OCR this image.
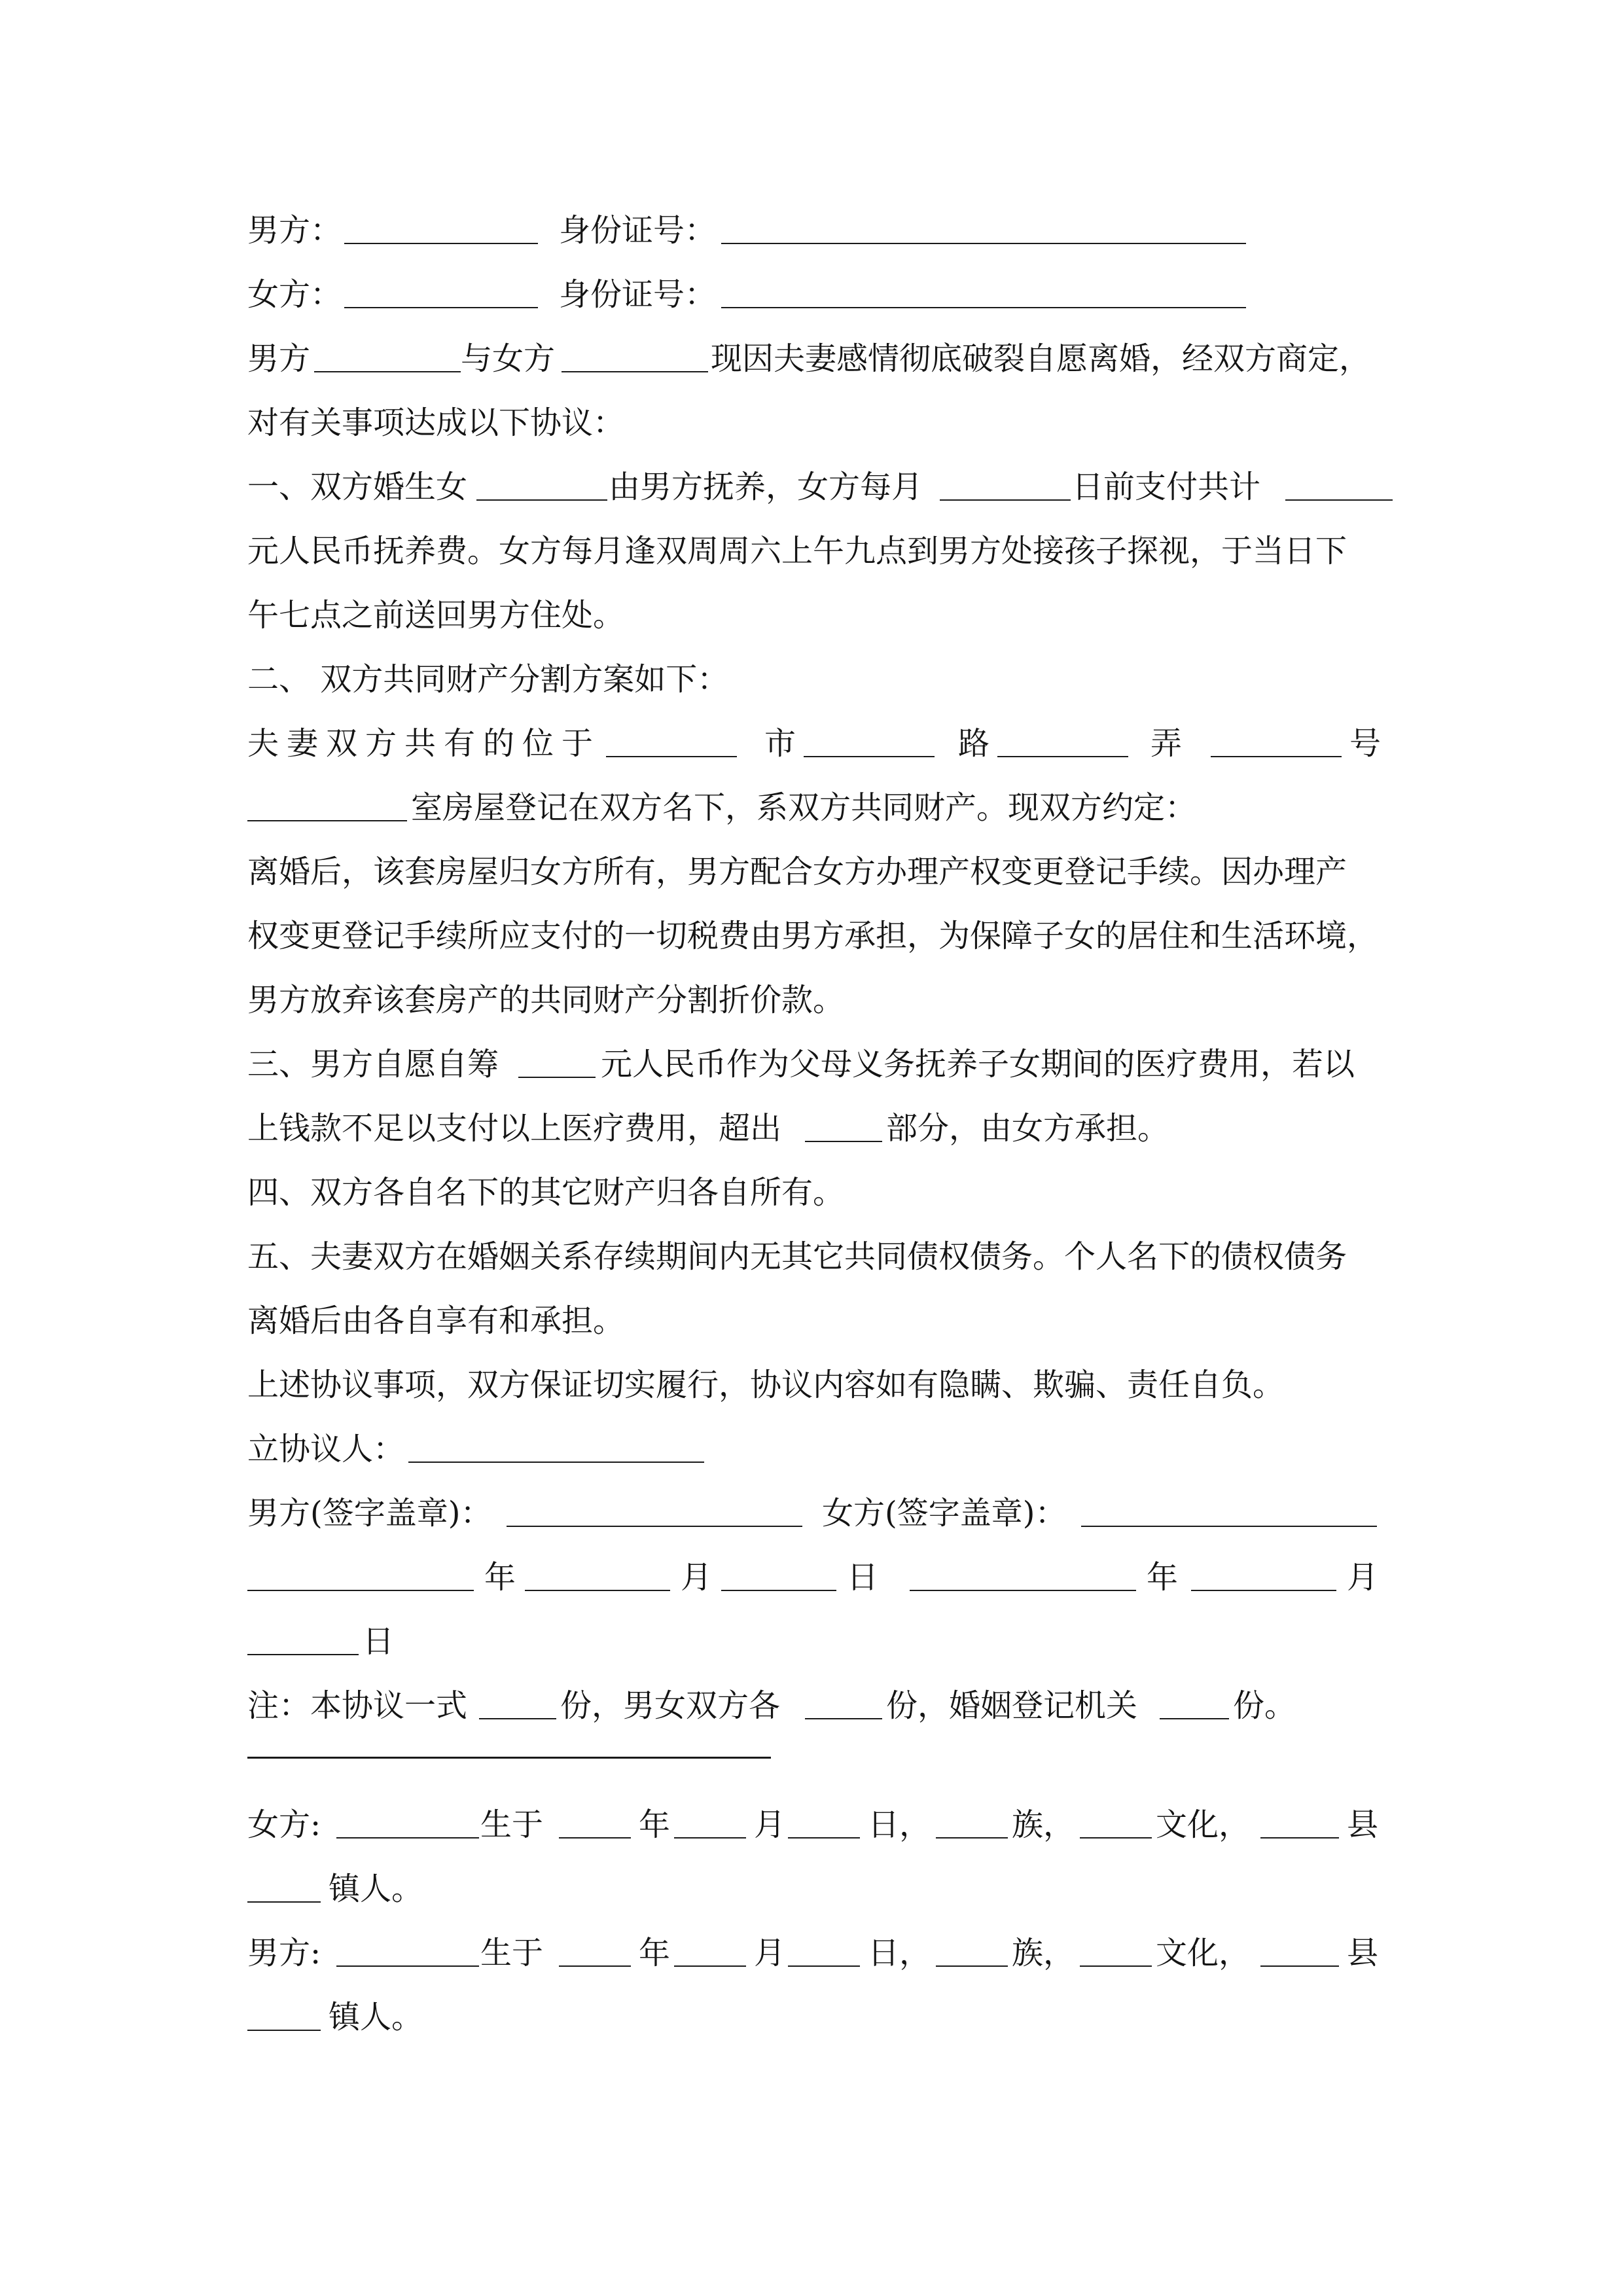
男方：	身份证号：
女方：	身份证号：
男方	与女方	现因夫妻感情彻底破裂自愿离婚，经双方商定，
对有关事项达成以下协议：
一、双方婚生女	由男方抚养，女方每月	日前支付共计
元人民币抚养费。女方每月逢双周周六上午九点到男方处接孩子探视，于当日下
午七点之前送回男方住处。
二、 双方共同财产分割方案如下：
夫妻双方共有的位于	市	路	弄	号
室房屋登记在双方名下，系双方共同财产。现双方约定：
离婚后，该套房屋归女方所有，男方配合女方办理产权变更登记手续。因办理产
权变更登记手续所应支付的一切税费由男方承担，为保障子女的居住和生活环境，
男方放弃该套房产的共同财产分割折价款。
三、男方自愿自筹	元人民币作为父母义务抚养子女期间的医疗费用，若以
上钱款不足以支付以上医疗费用，超出	部分，由女方承担。
四、双方各自名下的其它财产归各自所有。
五、夫妻双方在婚姻关系存续期间内无其它共同债权债务。个人名下的债权债务
离婚后由各自享有和承担。
上述协议事项，双方保证切实履行，协议内容如有隐瞒、欺骗、责任自负。
立协议人：
男方(签字盖章)：	女方(签字盖章)：
年	月	日	年	月
日
注：本协议一式	份，男女双方各	份，婚姻登记机关	份。
女方:	生于	年	月	日，	族，	文化，	县
镇人。
男方:	生于	年	月	日，	族，	文化，	县
镇人。
